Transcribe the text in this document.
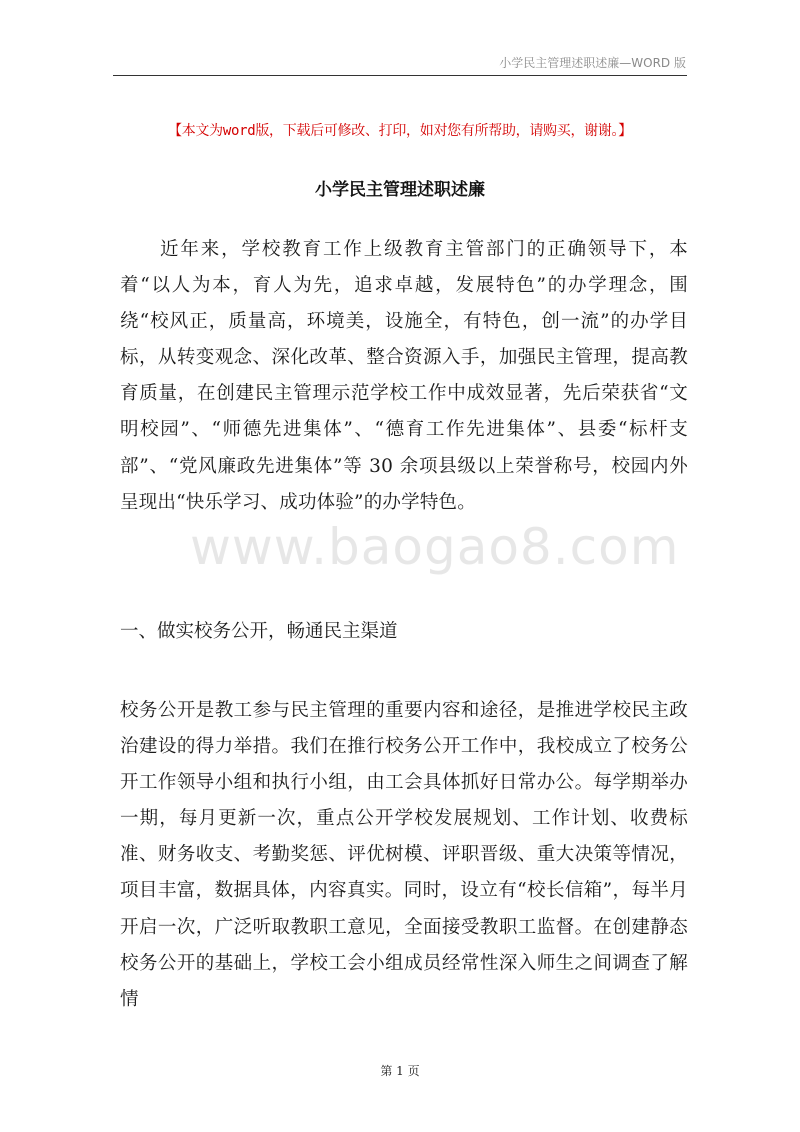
小学民主管理述职述廉—WORD 版
【本文为word版，下载后可修改、打印，如对您有所帮助，请购买，谢谢。】
小学民主管理述职述廉

近年来，学校教育工作上级教育主管部门的正确领导下，本着“以人为本，育人为先，追求卓越，发展特色”的办学理念，围绕“校风正，质量高，环境美，设施全，有特色，创一流”的办学目标，从转变观念、深化改革、整合资源入手，加强民主管理，提高教育质量，在创建民主管理示范学校工作中成效显著，先后荣获省“文明校园”、“师德先进集体”、“德育工作先进集体”、县委“标杆支部”、“党风廉政先进集体”等 30 余项县级以上荣誉称号，校园内外呈现出“快乐学习、成功体验”的办学特色。

www.baogao8.com

一、做实校务公开，畅通民主渠道

校务公开是教工参与民主管理的重要内容和途径，是推进学校民主政治建设的得力举措。我们在推行校务公开工作中，我校成立了校务公开工作领导小组和执行小组，由工会具体抓好日常办公。每学期举办一期，每月更新一次，重点公开学校发展规划、工作计划、收费标准、财务收支、考勤奖惩、评优树模、评职晋级、重大决策等情况，项目丰富，数据具体，内容真实。同时，设立有“校长信箱”，每半月开启一次，广泛听取教职工意见，全面接受教职工监督。在创建静态校务公开的基础上，学校工会小组成员经常性深入师生之间调查了解情

第 1 页
